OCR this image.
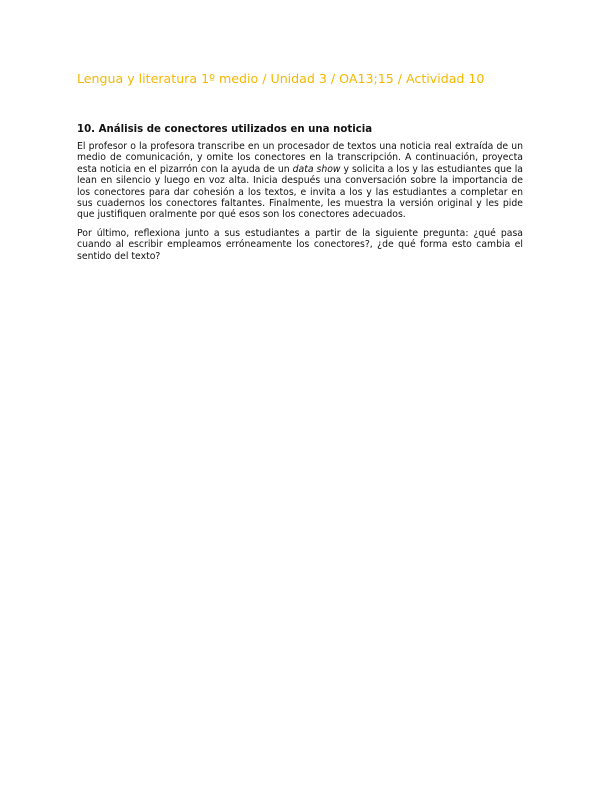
Lengua y literatura 1º medio / Unidad 3 / OA13;15 / Actividad 10
10. Análisis de conectores utilizados en una noticia

El profesor o la profesora transcribe en un procesador de textos una noticia real extraída de un medio de comunicación, y omite los conectores en la transcripción. A continuación, proyecta esta noticia en el pizarrón con la ayuda de un data show y solicita a los y las estudiantes que la lean en silencio y luego en voz alta. Inicia después una conversación sobre la importancia de los conectores para dar cohesión a los textos, e invita a los y las estudiantes a completar en sus cuadernos los conectores faltantes. Finalmente, les muestra la versión original y les pide que justifiquen oralmente por qué esos son los conectores adecuados.

Por último, reflexiona junto a sus estudiantes a partir de la siguiente pregunta: ¿qué pasa cuando al escribir empleamos erróneamente los conectores?, ¿de qué forma esto cambia el sentido del texto?
